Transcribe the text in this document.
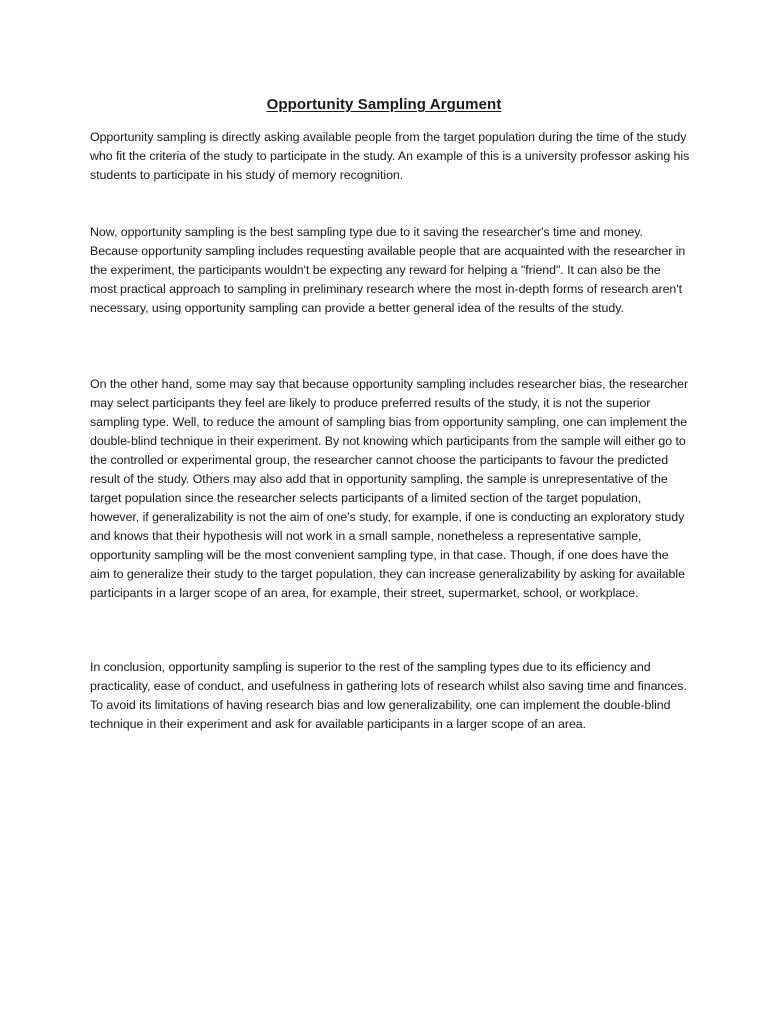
Opportunity Sampling Argument

Opportunity sampling is directly asking available people from the target population during the time of the study who fit the criteria of the study to participate in the study. An example of this is a university professor asking his students to participate in his study of memory recognition.

Now, opportunity sampling is the best sampling type due to it saving the researcher's time and money. Because opportunity sampling includes requesting available people that are acquainted with the researcher in the experiment, the participants wouldn't be expecting any reward for helping a "friend". It can also be the most practical approach to sampling in preliminary research where the most in-depth forms of research aren't necessary, using opportunity sampling can provide a better general idea of the results of the study.

On the other hand, some may say that because opportunity sampling includes researcher bias, the researcher may select participants they feel are likely to produce preferred results of the study, it is not the superior sampling type. Well, to reduce the amount of sampling bias from opportunity sampling, one can implement the double-blind technique in their experiment. By not knowing which participants from the sample will either go to the controlled or experimental group, the researcher cannot choose the participants to favour the predicted result of the study. Others may also add that in opportunity sampling, the sample is unrepresentative of the target population since the researcher selects participants of a limited section of the target population, however, if generalizability is not the aim of one's study, for example, if one is conducting an exploratory study and knows that their hypothesis will not work in a small sample, nonetheless a representative sample, opportunity sampling will be the most convenient sampling type, in that case. Though, if one does have the aim to generalize their study to the target population, they can increase generalizability by asking for available participants in a larger scope of an area, for example, their street, supermarket, school, or workplace.

In conclusion, opportunity sampling is superior to the rest of the sampling types due to its efficiency and practicality, ease of conduct, and usefulness in gathering lots of research whilst also saving time and finances. To avoid its limitations of having research bias and low generalizability, one can implement the double-blind technique in their experiment and ask for available participants in a larger scope of an area.
